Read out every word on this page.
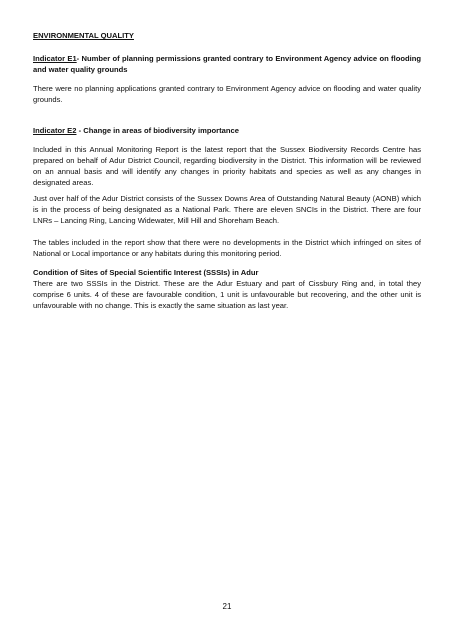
ENVIRONMENTAL QUALITY

Indicator E1- Number of planning permissions granted contrary to Environment Agency advice on flooding and water quality grounds

There were no planning applications granted contrary to Environment Agency advice on flooding and water quality grounds.

Indicator E2 - Change in areas of biodiversity importance

Included in this Annual Monitoring Report is the latest report that the Sussex Biodiversity Records Centre has prepared on behalf of Adur District Council, regarding biodiversity in the District. This information will be reviewed on an annual basis and will identify any changes in priority habitats and species as well as any changes in designated areas.

Just over half of the Adur District consists of the Sussex Downs Area of Outstanding Natural Beauty (AONB) which is in the process of being designated as a National Park. There are eleven SNCIs in the District. There are four LNRs – Lancing Ring, Lancing Widewater, Mill Hill and Shoreham Beach.

The tables included in the report show that there were no developments in the District which infringed on sites of National or Local importance or any habitats during this monitoring period.

Condition of Sites of Special Scientific Interest (SSSIs) in Adur

There are two SSSIs in the District. These are the Adur Estuary and part of Cissbury Ring and, in total they comprise 6 units. 4 of these are favourable condition, 1 unit is unfavourable but recovering, and the other unit is unfavourable with no change. This is exactly the same situation as last year.

21
